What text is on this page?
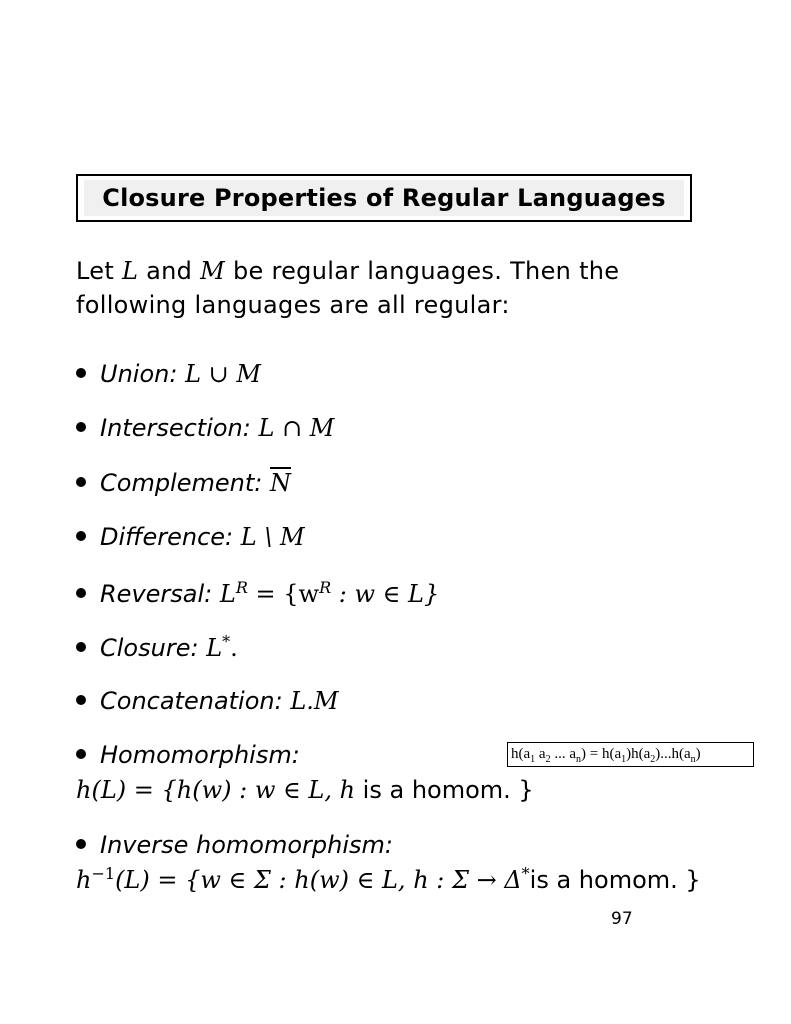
Closure Properties of Regular Languages
Let L and M be regular languages. Then the following languages are all regular:
Union: L ∪ M
Intersection: L ∩ M
Complement: $\overline{N}$
Difference: L \ M
Reversal: $L^R = \{w^R$ : w ∈ L}
Closure: L*.
Concatenation: L.M
Homomorphism:	$h(a_1$ $a_2$ ... $a_n) = h(a_1)h(a_2)...h(a_n)$
h(L) = {h(w) : w ∈ L, h is a homom. }
Inverse homomorphism:
$h^{-1}(L) = \{w$ ∈ Σ : h(w) ∈ L, h : Σ → Δ*is a homom. }
97
